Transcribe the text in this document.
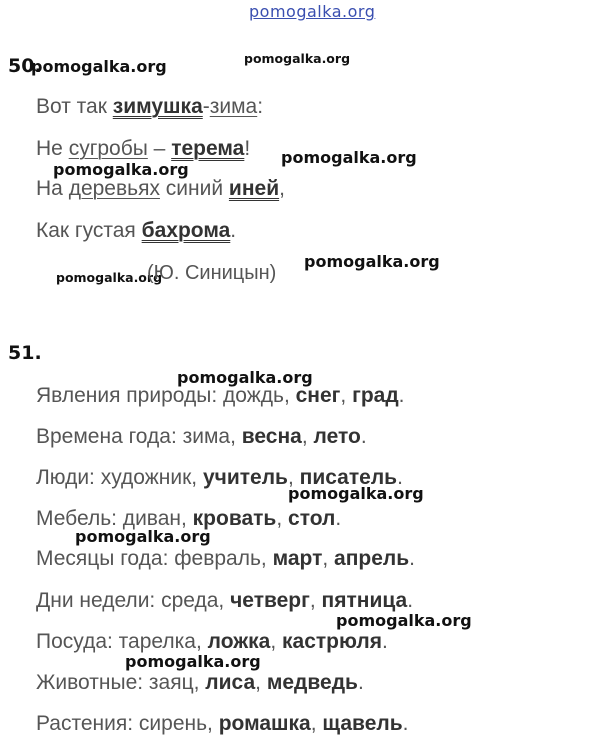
pomogalka.org
50.
pomogalka.org	pomogalka.org
Вот так зимушка-зима:
Не сугробы – терема! pomogalka.org
pomogalka.org
На деревьях синий иней,
Как густая бахрома.
pomogalka.org
(Ю. Синицын)
pomogalka.org
51.
pomogalka.org
Явления природы: дождь, снег, град.
Времена года: зима, весна, лето.
Люди: художник, учитель, писатель.
pomogalka.org
Мебель: диван, кровать, стол.
pomogalka.org
Месяцы года: февраль, март, апрель.
Дни недели: среда, четверг, пятница.
pomogalka.org
Посуда: тарелка, ложка, кастрюля.
pomogalka.org
Животные: заяц, лиса, медведь.
Растения: сирень, ромашка, щавель.
